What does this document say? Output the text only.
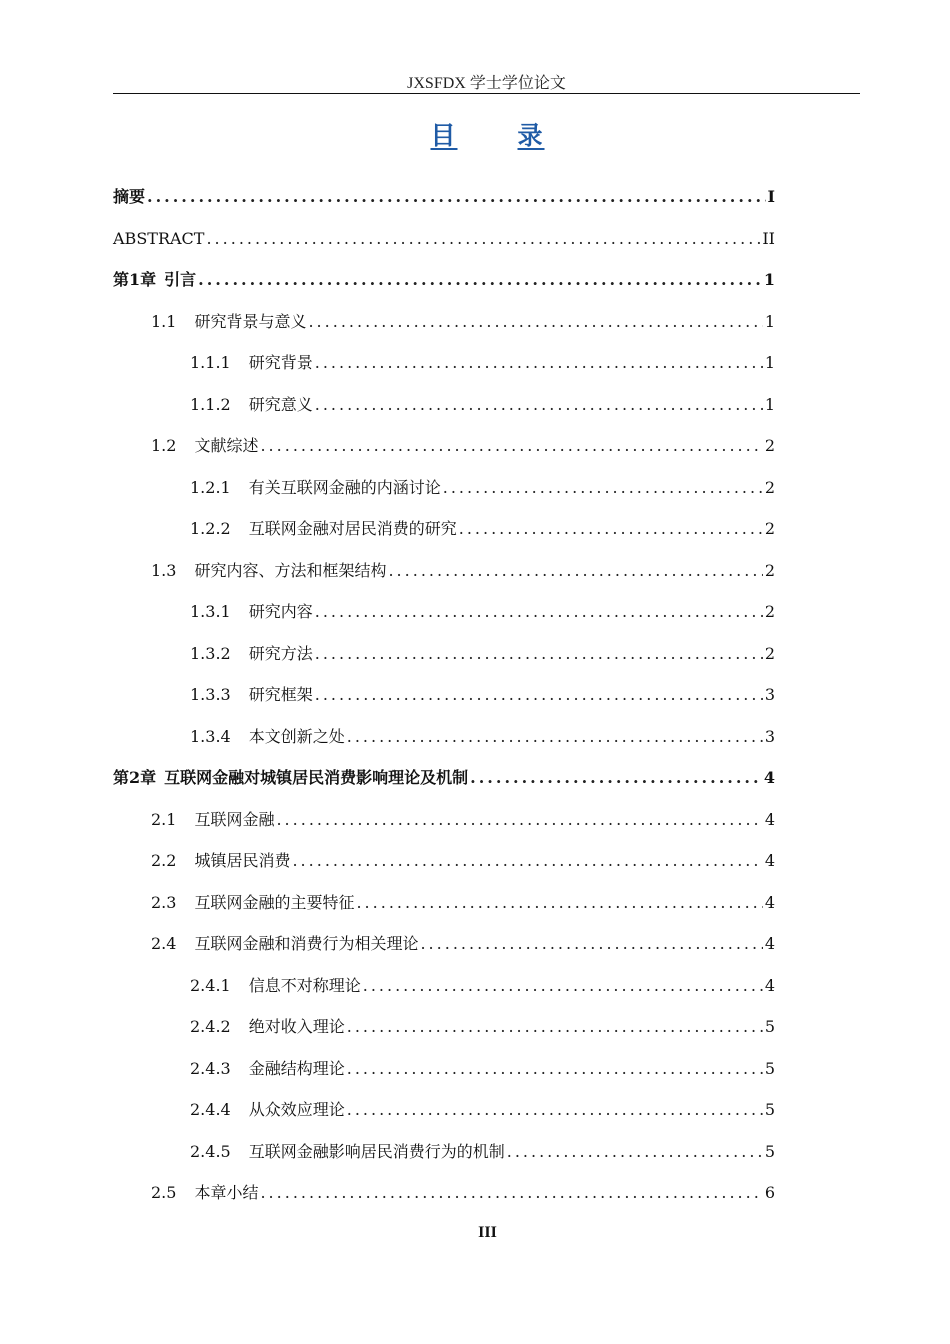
JXSFDX 学士学位论文
目 录
摘要 .....	I
ABSTRACT .....	II
第1章 引言 .....	1
1.1 研究背景与意义 .....	1
1.1.1 研究背景 .....	1
1.1.2 研究意义 .....	1
1.2 文献综述 .....	2
1.2.1 有关互联网金融的内涵讨论 .....	2
1.2.2 互联网金融对居民消费的研究 .....	2
1.3 研究内容、方法和框架结构 .....	2
1.3.1 研究内容 .....	2
1.3.2 研究方法 .....	2
1.3.3 研究框架 .....	3
1.3.4 本文创新之处 .....	3
第2章 互联网金融对城镇居民消费影响理论及机制 .....	4
2.1 互联网金融 .....	4
2.2 城镇居民消费 .....	4
2.3 互联网金融的主要特征 .....	4
2.4 互联网金融和消费行为相关理论 .....	4
2.4.1 信息不对称理论 .....	4
2.4.2 绝对收入理论 .....	5
2.4.3 金融结构理论 .....	5
2.4.4 从众效应理论 .....	5
2.4.5 互联网金融影响居民消费行为的机制 .....	5
2.5 本章小结 .....	6
III
